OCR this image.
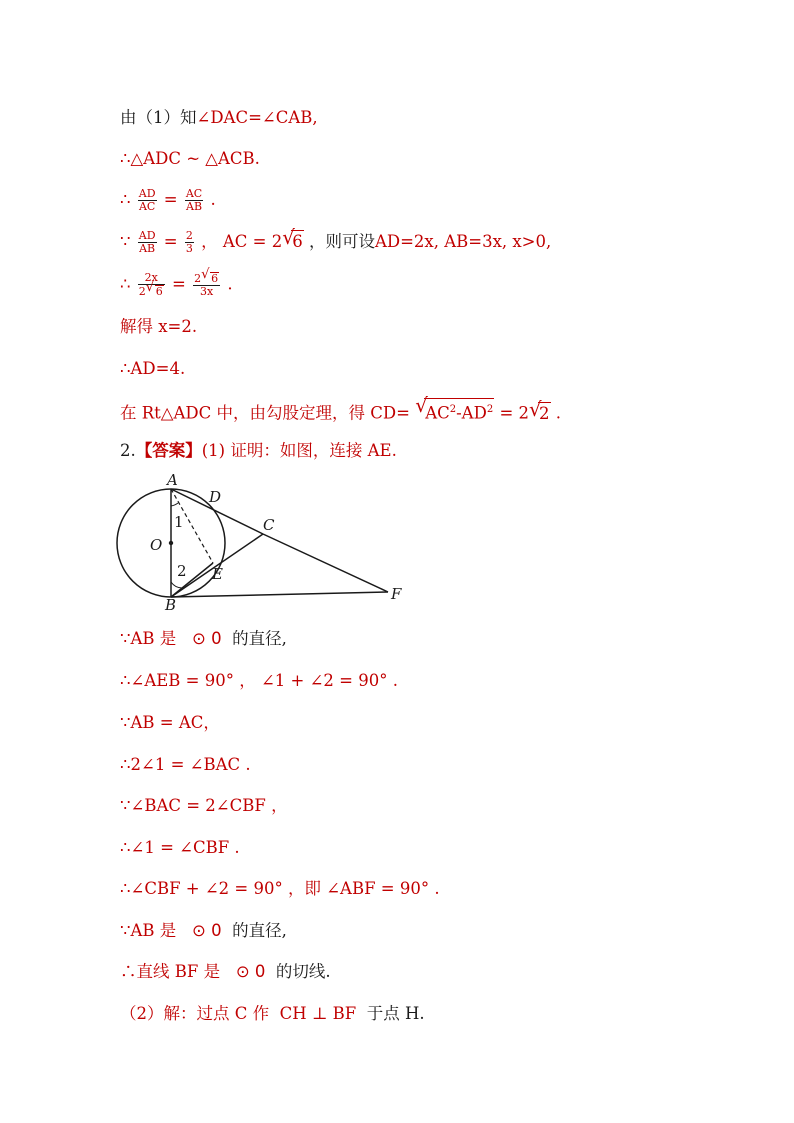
由（1）知∠DAC=∠CAB,
∴△ADC ~ △ACB.
∴ $\frac{AD}{AC} = \frac{AC}{AB}$ .
∵ $\frac{AD}{AB} = \frac{2}{3}$ ， AC = 2 √
6 ，则可设AD=2x, AB=3x, x>0,
∴ $\frac{2x}{2 √ 6} = \frac{2 √ 6}{3x}$ .
解得 x=2.
∴AD=4.
在 Rt△ADC 中，由勾股定理，得 CD= √
$AC^2-AD^2 = 2$ √
2 .
2.【答案】(1) 证明：如图，连接 AE.
A
B
C
D
E
F
O
1
2
∵AB 是 ⊙ 0 的直径,
∴∠AEB = 90° ， ∠1 + ∠2 = 90° .
∵AB = AC，
∴2∠1 = ∠BAC .
∵∠BAC = 2∠CBF ，
∴∠1 = ∠CBF .
∴∠CBF + ∠2 = 90° ，即 ∠ABF = 90° .
∵AB 是 ⊙ 0 的直径,
∴直线 BF 是 ⊙ 0 的切线.
（2）解：过点 C 作 CH ⊥ BF 于点 H.
